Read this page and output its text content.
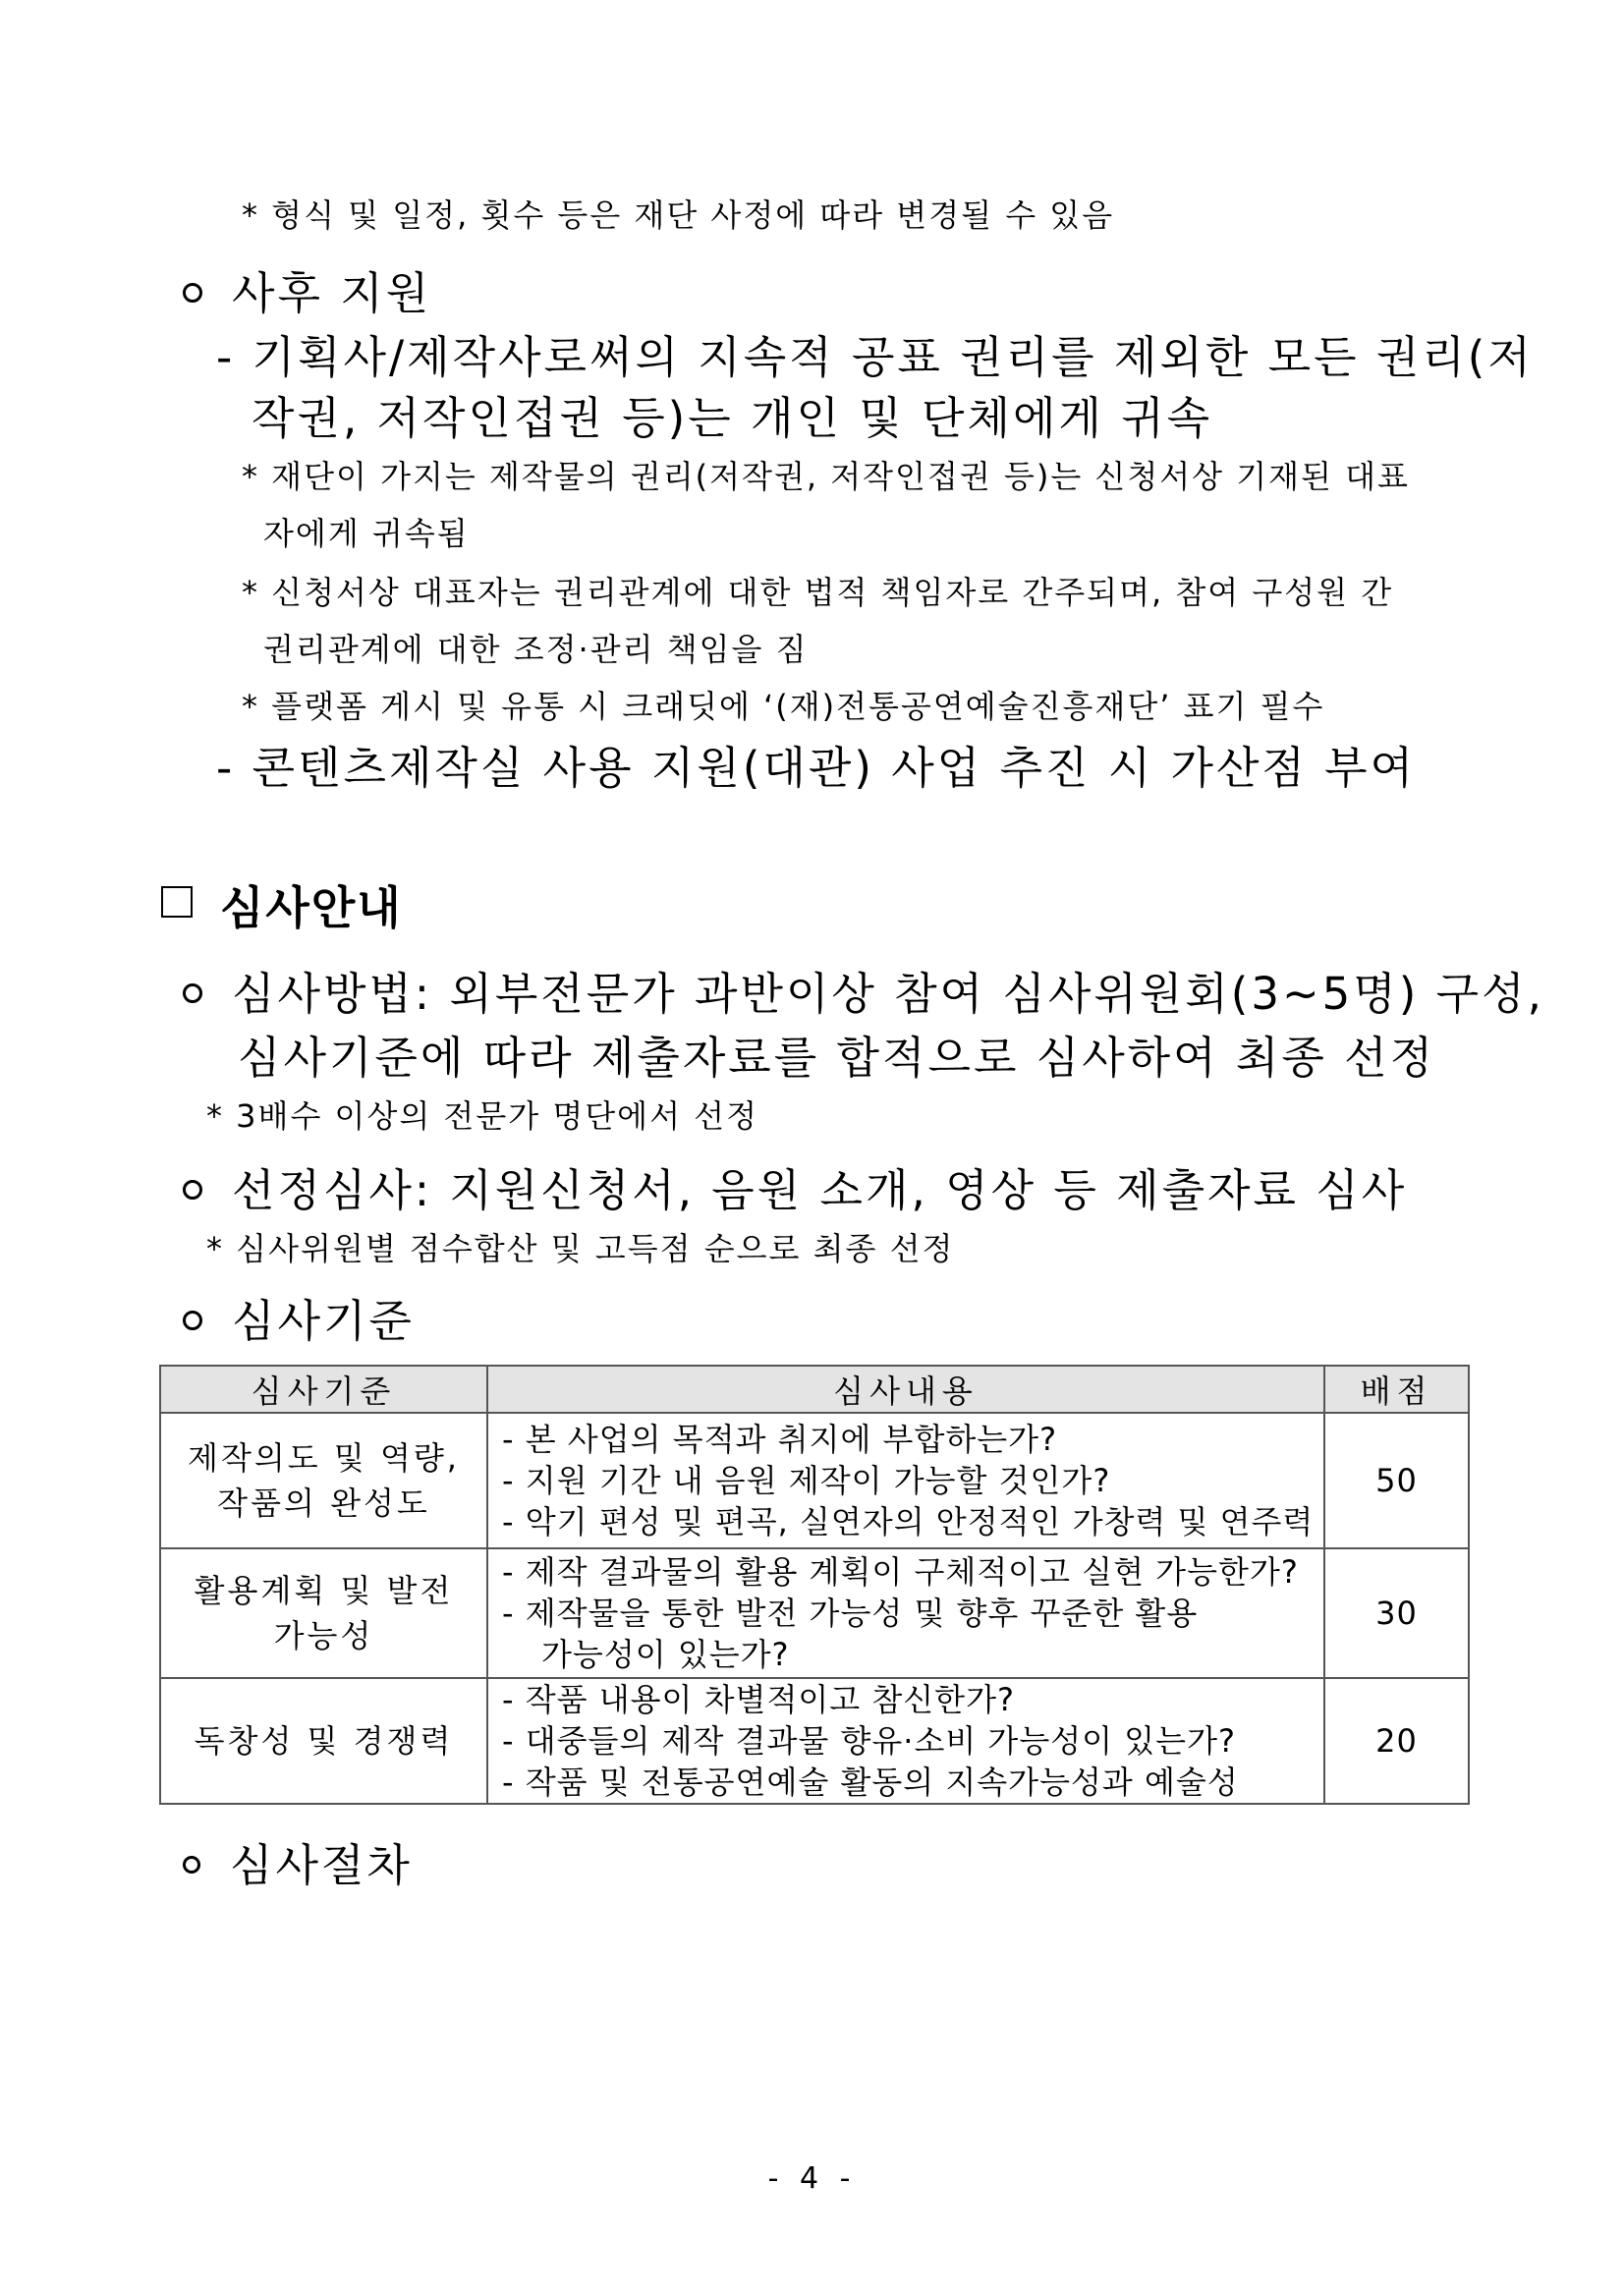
* 형식 및 일정, 횟수 등은 재단 사정에 따라 변경될 수 있음
사후 지원
- 기획사/제작사로써의 지속적 공표 권리를 제외한 모든 권리(저
작권, 저작인접권 등)는 개인 및 단체에게 귀속
* 재단이 가지는 제작물의 권리(저작권, 저작인접권 등)는 신청서상 기재된 대표
자에게 귀속됨
* 신청서상 대표자는 권리관계에 대한 법적 책임자로 간주되며, 참여 구성원 간
권리관계에 대한 조정·관리 책임을 짐
* 플랫폼 게시 및 유통 시 크래딧에 ‘(재)전통공연예술진흥재단’ 표기 필수
- 콘텐츠제작실 사용 지원(대관) 사업 추진 시 가산점 부여
심사안내
심사방법: 외부전문가 과반이상 참여 심사위원회(3~5명) 구성,
심사기준에 따라 제출자료를 합적으로 심사하여 최종 선정
* 3배수 이상의 전문가 명단에서 선정
선정심사: 지원신청서, 음원 소개, 영상 등 제출자료 심사
* 심사위원별 점수합산 및 고득점 순으로 최종 선정
심사기준
심사기준	심사내용	배점

제작의도 및 역량,
작품의 완성도	- 본 사업의 목적과 취지에 부합하는가?
- 지원 기간 내 음원 제작이 가능할 것인가?
- 악기 편성 및 편곡, 실연자의 안정적인 가창력 및 연주력	50

활용계획 및 발전
가능성	- 제작 결과물의 활용 계획이 구체적이고 실현 가능한가?
- 제작물을 통한 발전 가능성 및 향후 꾸준한 활용
가능성이 있는가?	30

독창성 및 경쟁력	- 작품 내용이 차별적이고 참신한가?
- 대중들의 제작 결과물 향유·소비 가능성이 있는가?
- 작품 및 전통공연예술 활동의 지속가능성과 예술성	20
심사절차
- 4 -
